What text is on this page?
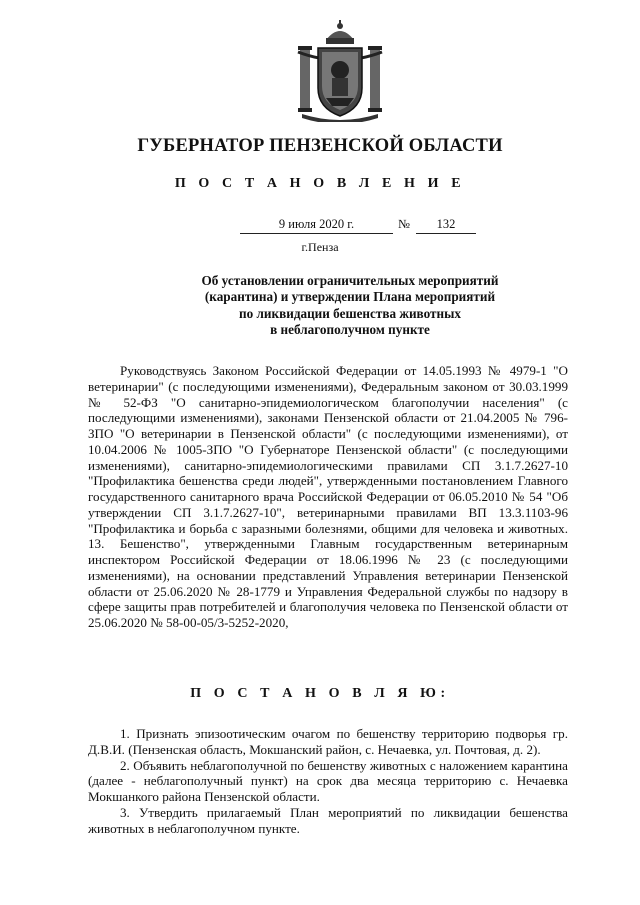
ГУБЕРНАТОР ПЕНЗЕНСКОЙ ОБЛАСТИ
П О С Т А Н О В Л Е Н И Е
9 июля 2020 г.	№	132
г.Пенза
Об установлении ограничительных мероприятий
(карантина) и утверждении Плана мероприятий
по ликвидации бешенства животных
в неблагополучном пункте

Руководствуясь Законом Российской Федерации от 14.05.1993 № 4979-1 "О ветеринарии" (с последующими изменениями), Федеральным законом от 30.03.1999 № 52-ФЗ "О санитарно-эпидемиологическом благополучии населения" (с последующими изменениями), законами Пензенской области от 21.04.2005 № 796-ЗПО "О ветеринарии в Пензенской области" (с последующими изменениями), от 10.04.2006 № 1005-ЗПО "О Губернаторе Пензенской области" (с последующими изменениями), санитарно-эпидемиологическими правилами СП 3.1.7.2627-10 "Профилактика бешенства среди людей", утвержденными постановлением Главного государственного санитарного врача Российской Федерации от 06.05.2010 № 54 "Об утверждении СП 3.1.7.2627-10", ветеринарными правилами ВП 13.3.1103-96 "Профилактика и борьба с заразными болезнями, общими для человека и животных. 13. Бешенство", утвержденными Главным государственным ветеринарным инспектором Российской Федерации от 18.06.1996 № 23 (с последующими изменениями), на основании представлений Управления ветеринарии Пензенской области от 25.06.2020 № 28-1779 и Управления Федеральной службы по надзору в сфере защиты прав потребителей и благополучия человека по Пензенской области от 25.06.2020 № 58-00-05/3-5252-2020,

П О С Т А Н О В Л Я Ю:

1. Признать эпизоотическим очагом по бешенству территорию подворья гр. Д.В.И. (Пензенская область, Мокшанский район, с. Нечаевка, ул. Почтовая, д. 2).

2. Объявить неблагополучной по бешенству животных с наложением карантина (далее - неблагополучный пункт) на срок два месяца территорию с. Нечаевка Мокшанкого района Пензенской области.

3. Утвердить прилагаемый План мероприятий по ликвидации бешенства животных в неблагополучном пункте.
